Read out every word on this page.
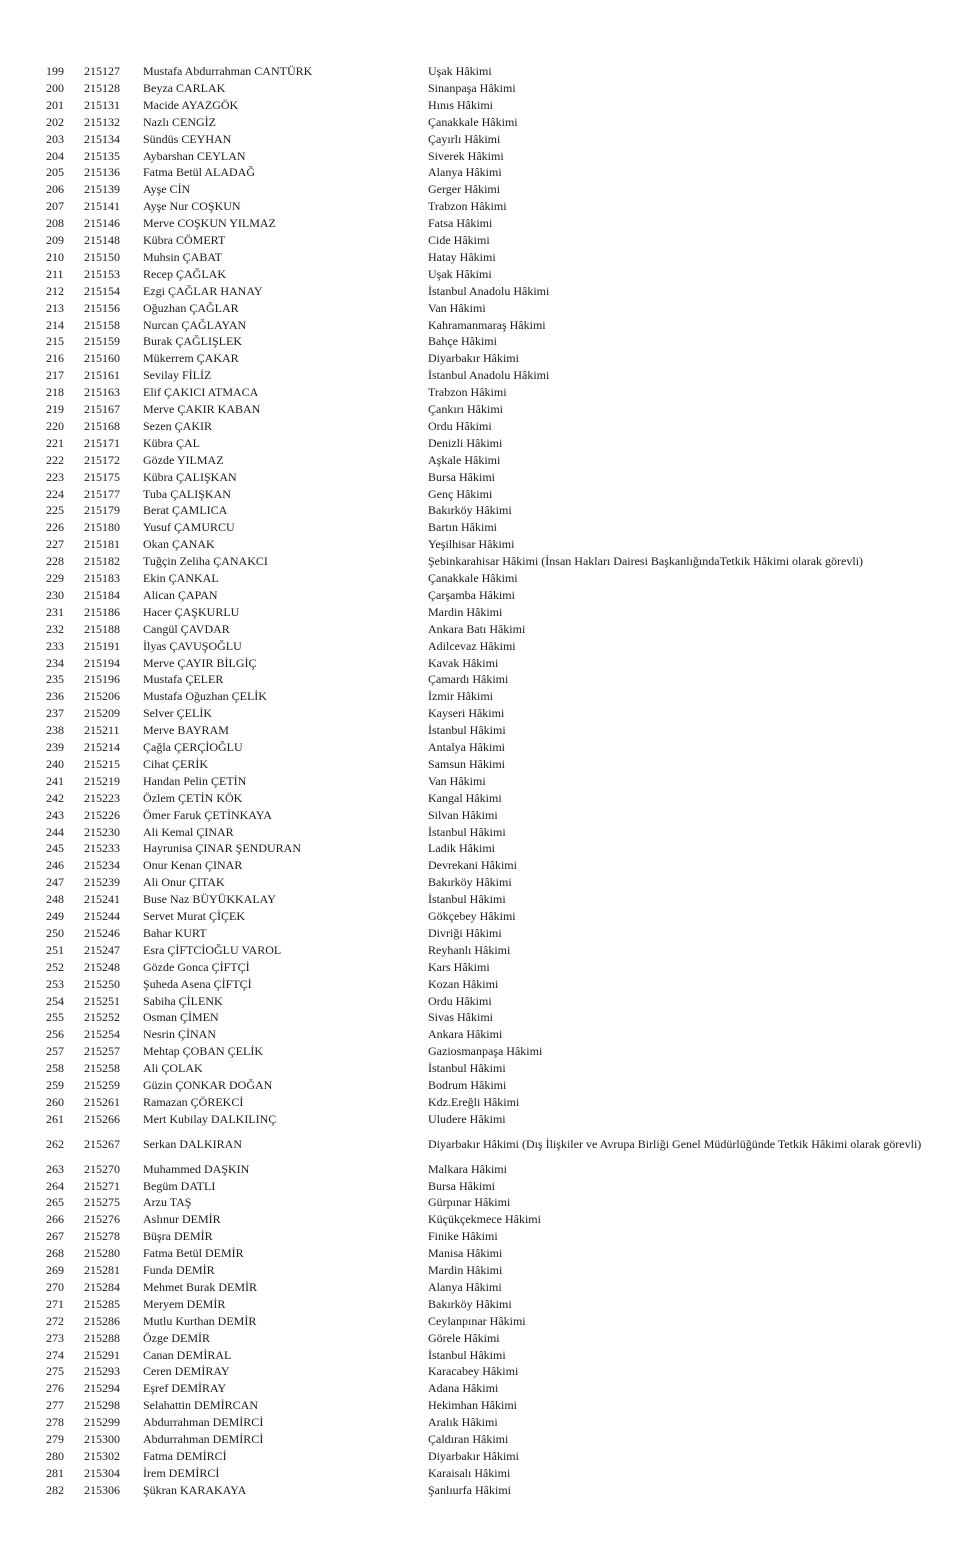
199 215127 Mustafa Abdurrahman CANTÜRK	Uşak Hâkimi
200 215128 Beyza CARLAK	Sinanpaşa Hâkimi
201 215131 Macide AYAZGÖK	Hınıs Hâkimi
202 215132 Nazlı CENGİZ	Çanakkale Hâkimi
203 215134 Sündüs CEYHAN	Çayırlı Hâkimi
204 215135 Aybarshan CEYLAN	Siverek Hâkimi
205 215136 Fatma Betül ALADAĞ	Alanya Hâkimi
206 215139 Ayşe CİN	Gerger Hâkimi
207 215141 Ayşe Nur COŞKUN	Trabzon Hâkimi
208 215146 Merve COŞKUN YILMAZ	Fatsa Hâkimi
209 215148 Kübra CÖMERT	Cide Hâkimi
210 215150 Muhsin ÇABAT	Hatay Hâkimi
211 215153 Recep ÇAĞLAK	Uşak Hâkimi
212 215154 Ezgi ÇAĞLAR HANAY	İstanbul Anadolu Hâkimi
213 215156 Oğuzhan ÇAĞLAR	Van Hâkimi
214 215158 Nurcan ÇAĞLAYAN	Kahramanmaraş Hâkimi
215 215159 Burak ÇAĞLIŞLEK	Bahçe Hâkimi
216 215160 Mükerrem ÇAKAR	Diyarbakır Hâkimi
217 215161 Sevilay FİLİZ	İstanbul Anadolu Hâkimi
218 215163 Elif ÇAKICI ATMACA	Trabzon Hâkimi
219 215167 Merve ÇAKIR KABAN	Çankırı Hâkimi
220 215168 Sezen ÇAKIR	Ordu Hâkimi
221 215171 Kübra ÇAL	Denizli Hâkimi
222 215172 Gözde YILMAZ	Aşkale Hâkimi
223 215175 Kübra ÇALIŞKAN	Bursa Hâkimi
224 215177 Tuba ÇALIŞKAN	Genç Hâkimi
225 215179 Berat ÇAMLICA	Bakırköy Hâkimi
226 215180 Yusuf ÇAMURCU	Bartın Hâkimi
227 215181 Okan ÇANAK	Yeşilhisar Hâkimi
228 215182 Tuğçin Zeliha ÇANAKCI	Şebinkarahisar Hâkimi (İnsan Hakları Dairesi BaşkanlığındaTetkik Hâkimi olarak görevli)
229 215183 Ekin ÇANKAL	Çanakkale Hâkimi
230 215184 Alican ÇAPAN	Çarşamba Hâkimi
231 215186 Hacer ÇAŞKURLU	Mardin Hâkimi
232 215188 Cangül ÇAVDAR	Ankara Batı Hâkimi
233 215191 İlyas ÇAVUŞOĞLU	Adilcevaz Hâkimi
234 215194 Merve ÇAYIR BİLGİÇ	Kavak Hâkimi
235 215196 Mustafa ÇELER	Çamardı Hâkimi
236 215206 Mustafa Oğuzhan ÇELİK	İzmir Hâkimi
237 215209 Selver ÇELİK	Kayseri Hâkimi
238 215211 Merve BAYRAM	İstanbul Hâkimi
239 215214 Çağla ÇERÇİOĞLU	Antalya Hâkimi
240 215215 Cihat ÇERİK	Samsun Hâkimi
241 215219 Handan Pelin ÇETİN	Van Hâkimi
242 215223 Özlem ÇETİN KÖK	Kangal Hâkimi
243 215226 Ömer Faruk ÇETİNKAYA	Silvan Hâkimi
244 215230 Ali Kemal ÇINAR	İstanbul Hâkimi
245 215233 Hayrunisa ÇINAR ŞENDURAN	Ladik Hâkimi
246 215234 Onur Kenan ÇINAR	Devrekani Hâkimi
247 215239 Ali Onur ÇITAK	Bakırköy Hâkimi
248 215241 Buse Naz BÜYÜKKALAY	İstanbul Hâkimi
249 215244 Servet Murat ÇİÇEK	Gökçebey Hâkimi
250 215246 Bahar KURT	Divriği Hâkimi
251 215247 Esra ÇİFTCİOĞLU VAROL	Reyhanlı Hâkimi
252 215248 Gözde Gonca ÇİFTÇİ	Kars Hâkimi
253 215250 Şuheda Asena ÇİFTÇİ	Kozan Hâkimi
254 215251 Sabiha ÇİLENK	Ordu Hâkimi
255 215252 Osman ÇİMEN	Sivas Hâkimi
256 215254 Nesrin ÇİNAN	Ankara Hâkimi
257 215257 Mehtap ÇOBAN ÇELİK	Gaziosmanpaşa Hâkimi
258 215258 Ali ÇOLAK	İstanbul Hâkimi
259 215259 Güzin ÇONKAR DOĞAN	Bodrum Hâkimi
260 215261 Ramazan ÇÖREKCİ	Kdz.Ereğli Hâkimi
261 215266 Mert Kubilay DALKILINÇ	Uludere Hâkimi
262 215267 Serkan DALKIRAN	Diyarbakır Hâkimi (Dış İlişkiler ve Avrupa Birliği Genel Müdürlüğünde Tetkik Hâkimi olarak görevli)
263 215270 Muhammed DAŞKIN	Malkara Hâkimi
264 215271 Begüm DATLI	Bursa Hâkimi
265 215275 Arzu TAŞ	Gürpınar Hâkimi
266 215276 Aslınur DEMİR	Küçükçekmece Hâkimi
267 215278 Büşra DEMİR	Finike Hâkimi
268 215280 Fatma Betül DEMİR	Manisa Hâkimi
269 215281 Funda DEMİR	Mardin Hâkimi
270 215284 Mehmet Burak DEMİR	Alanya Hâkimi
271 215285 Meryem DEMİR	Bakırköy Hâkimi
272 215286 Mutlu Kurthan DEMİR	Ceylanpınar Hâkimi
273 215288 Özge DEMİR	Görele Hâkimi
274 215291 Canan DEMİRAL	İstanbul Hâkimi
275 215293 Ceren DEMİRAY	Karacabey Hâkimi
276 215294 Eşref DEMİRAY	Adana Hâkimi
277 215298 Selahattin DEMİRCAN	Hekimhan Hâkimi
278 215299 Abdurrahman DEMİRCİ	Aralık Hâkimi
279 215300 Abdurrahman DEMİRCİ	Çaldıran Hâkimi
280 215302 Fatma DEMİRCİ	Diyarbakır Hâkimi
281 215304 İrem DEMİRCİ	Karaisalı Hâkimi
282 215306 Şükran KARAKAYA	Şanlıurfa Hâkimi
